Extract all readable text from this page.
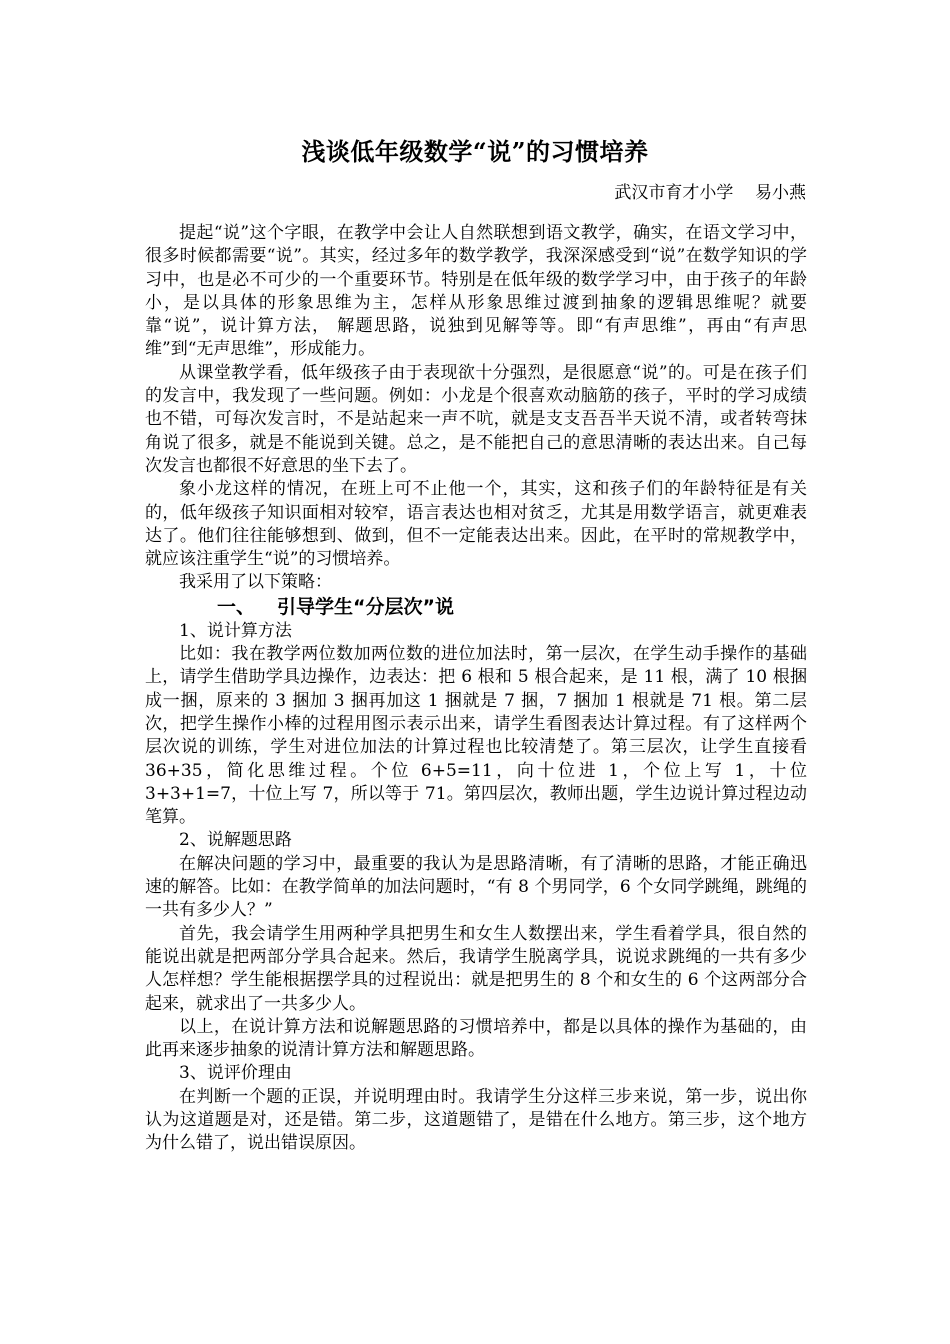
浅谈低年级数学“说”的习惯培养
武汉市育才小学    易小燕

提起“说”这个字眼，在教学中会让人自然联想到语文教学，确实，在语文学习中，很多时候都需要“说”。其实，经过多年的数学教学，我深深感受到“说”在数学知识的学习中，也是必不可少的一个重要环节。特别是在低年级的数学学习中，由于孩子的年龄小，是以具体的形象思维为主，怎样从形象思维过渡到抽象的逻辑思维呢？就要靠“说”，说计算方法， 解题思路，说独到见解等等。即“有声思维”，再由“有声思维”到“无声思维”，形成能力。

从课堂教学看，低年级孩子由于表现欲十分强烈，是很愿意“说”的。可是在孩子们的发言中，我发现了一些问题。例如：小龙是个很喜欢动脑筋的孩子，平时的学习成绩也不错，可每次发言时，不是站起来一声不吭，就是支支吾吾半天说不清，或者转弯抹角说了很多，就是不能说到关键。总之，是不能把自己的意思清晰的表达出来。自己每次发言也都很不好意思的坐下去了。

象小龙这样的情况，在班上可不止他一个，其实，这和孩子们的年龄特征是有关的，低年级孩子知识面相对较窄，语言表达也相对贫乏，尤其是用数学语言，就更难表达了。他们往往能够想到、做到，但不一定能表达出来。因此，在平时的常规教学中，就应该注重学生“说”的习惯培养。

我采用了以下策略：

一、 引导学生“分层次”说

1、说计算方法

比如：我在教学两位数加两位数的进位加法时，第一层次，在学生动手操作的基础上，请学生借助学具边操作，边表达：把 6 根和 5 根合起来，是 11 根，满了 10 根捆成一捆，原来的 3 捆加 3 捆再加这 1 捆就是 7 捆，7 捆加 1 根就是 71 根。第二层次，把学生操作小棒的过程用图示表示出来，请学生看图表达计算过程。有了这样两个层次说的训练，学生对进位加法的计算过程也比较清楚了。第三层次，让学生直接看 36+35，简化思维过程。个位 6+5=11，向十位进 1，个位上写 1，十位 3+3+1=7，十位上写 7，所以等于 71。第四层次，教师出题，学生边说计算过程边动笔算。

2、说解题思路

在解决问题的学习中，最重要的我认为是思路清晰，有了清晰的思路，才能正确迅速的解答。比如：在教学简单的加法问题时，“有 8 个男同学，6 个女同学跳绳，跳绳的一共有多少人？”

首先，我会请学生用两种学具把男生和女生人数摆出来，学生看着学具，很自然的能说出就是把两部分学具合起来。然后，我请学生脱离学具，说说求跳绳的一共有多少人怎样想？学生能根据摆学具的过程说出：就是把男生的 8 个和女生的 6 个这两部分合起来，就求出了一共多少人。

以上，在说计算方法和说解题思路的习惯培养中，都是以具体的操作为基础的，由此再来逐步抽象的说清计算方法和解题思路。

3、说评价理由

在判断一个题的正误，并说明理由时。我请学生分这样三步来说，第一步，说出你认为这道题是对，还是错。第二步，这道题错了，是错在什么地方。第三步，这个地方为什么错了，说出错误原因。
